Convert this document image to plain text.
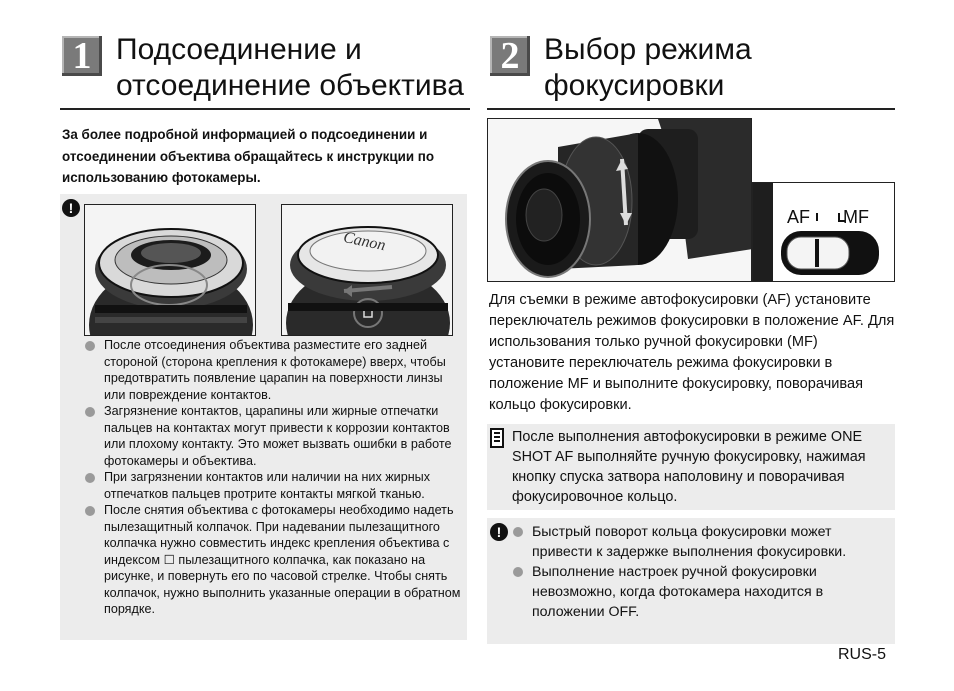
1 Подсоединение и
отсоединение объектива

За более подробной информацией о подсоединении и отсоединении объектива обращайтесь к инструкции по использованию фотокамеры.

!
Canon
После отсоединения объектива разместите его задней стороной (сторона крепления к фотокамере) вверх, чтобы предотвратить появление царапин на поверхности линзы или повреждение контактов.
Загрязнение контактов, царапины или жирные отпечатки пальцев на контактах могут привести к коррозии контактов или плохому контакту. Это может вызвать ошибки в работе фотокамеры и объектива.
При загрязнении контактов или наличии на них жирных отпечатков пальцев протрите контакты мягкой тканью.
После снятия объектива с фотокамеры необходимо надеть пылезащитный колпачок. При надевании пылезащитного колпачка нужно совместить индекс крепления объектива с индексом ☐ пылезащитного колпачка, как показано на рисунке, и повернуть его по часовой стрелке. Чтобы снять колпачок, нужно выполнить указанные операции в обратном порядке.
2 Выбор режима
фокусировки
AF MF

Для съемки в режиме автофокусировки (AF) установите переключатель режимов фокусировки в положение AF. Для использования только ручной фокусировки (MF) установите переключатель режима фокусировки в положение MF и выполните фокусировку, поворачивая кольцо фокусировки.

После выполнения автофокусировки в режиме ONE SHOT AF выполняйте ручную фокусировку, нажимая кнопку спуска затвора наполовину и поворачивая фокусировочное кольцо.

!	Быстрый поворот кольца фокусировки может привести к задержке выполнения фокусировки.
Выполнение настроек ручной фокусировки невозможно, когда фотокамера находится в положении OFF.
RUS-5
